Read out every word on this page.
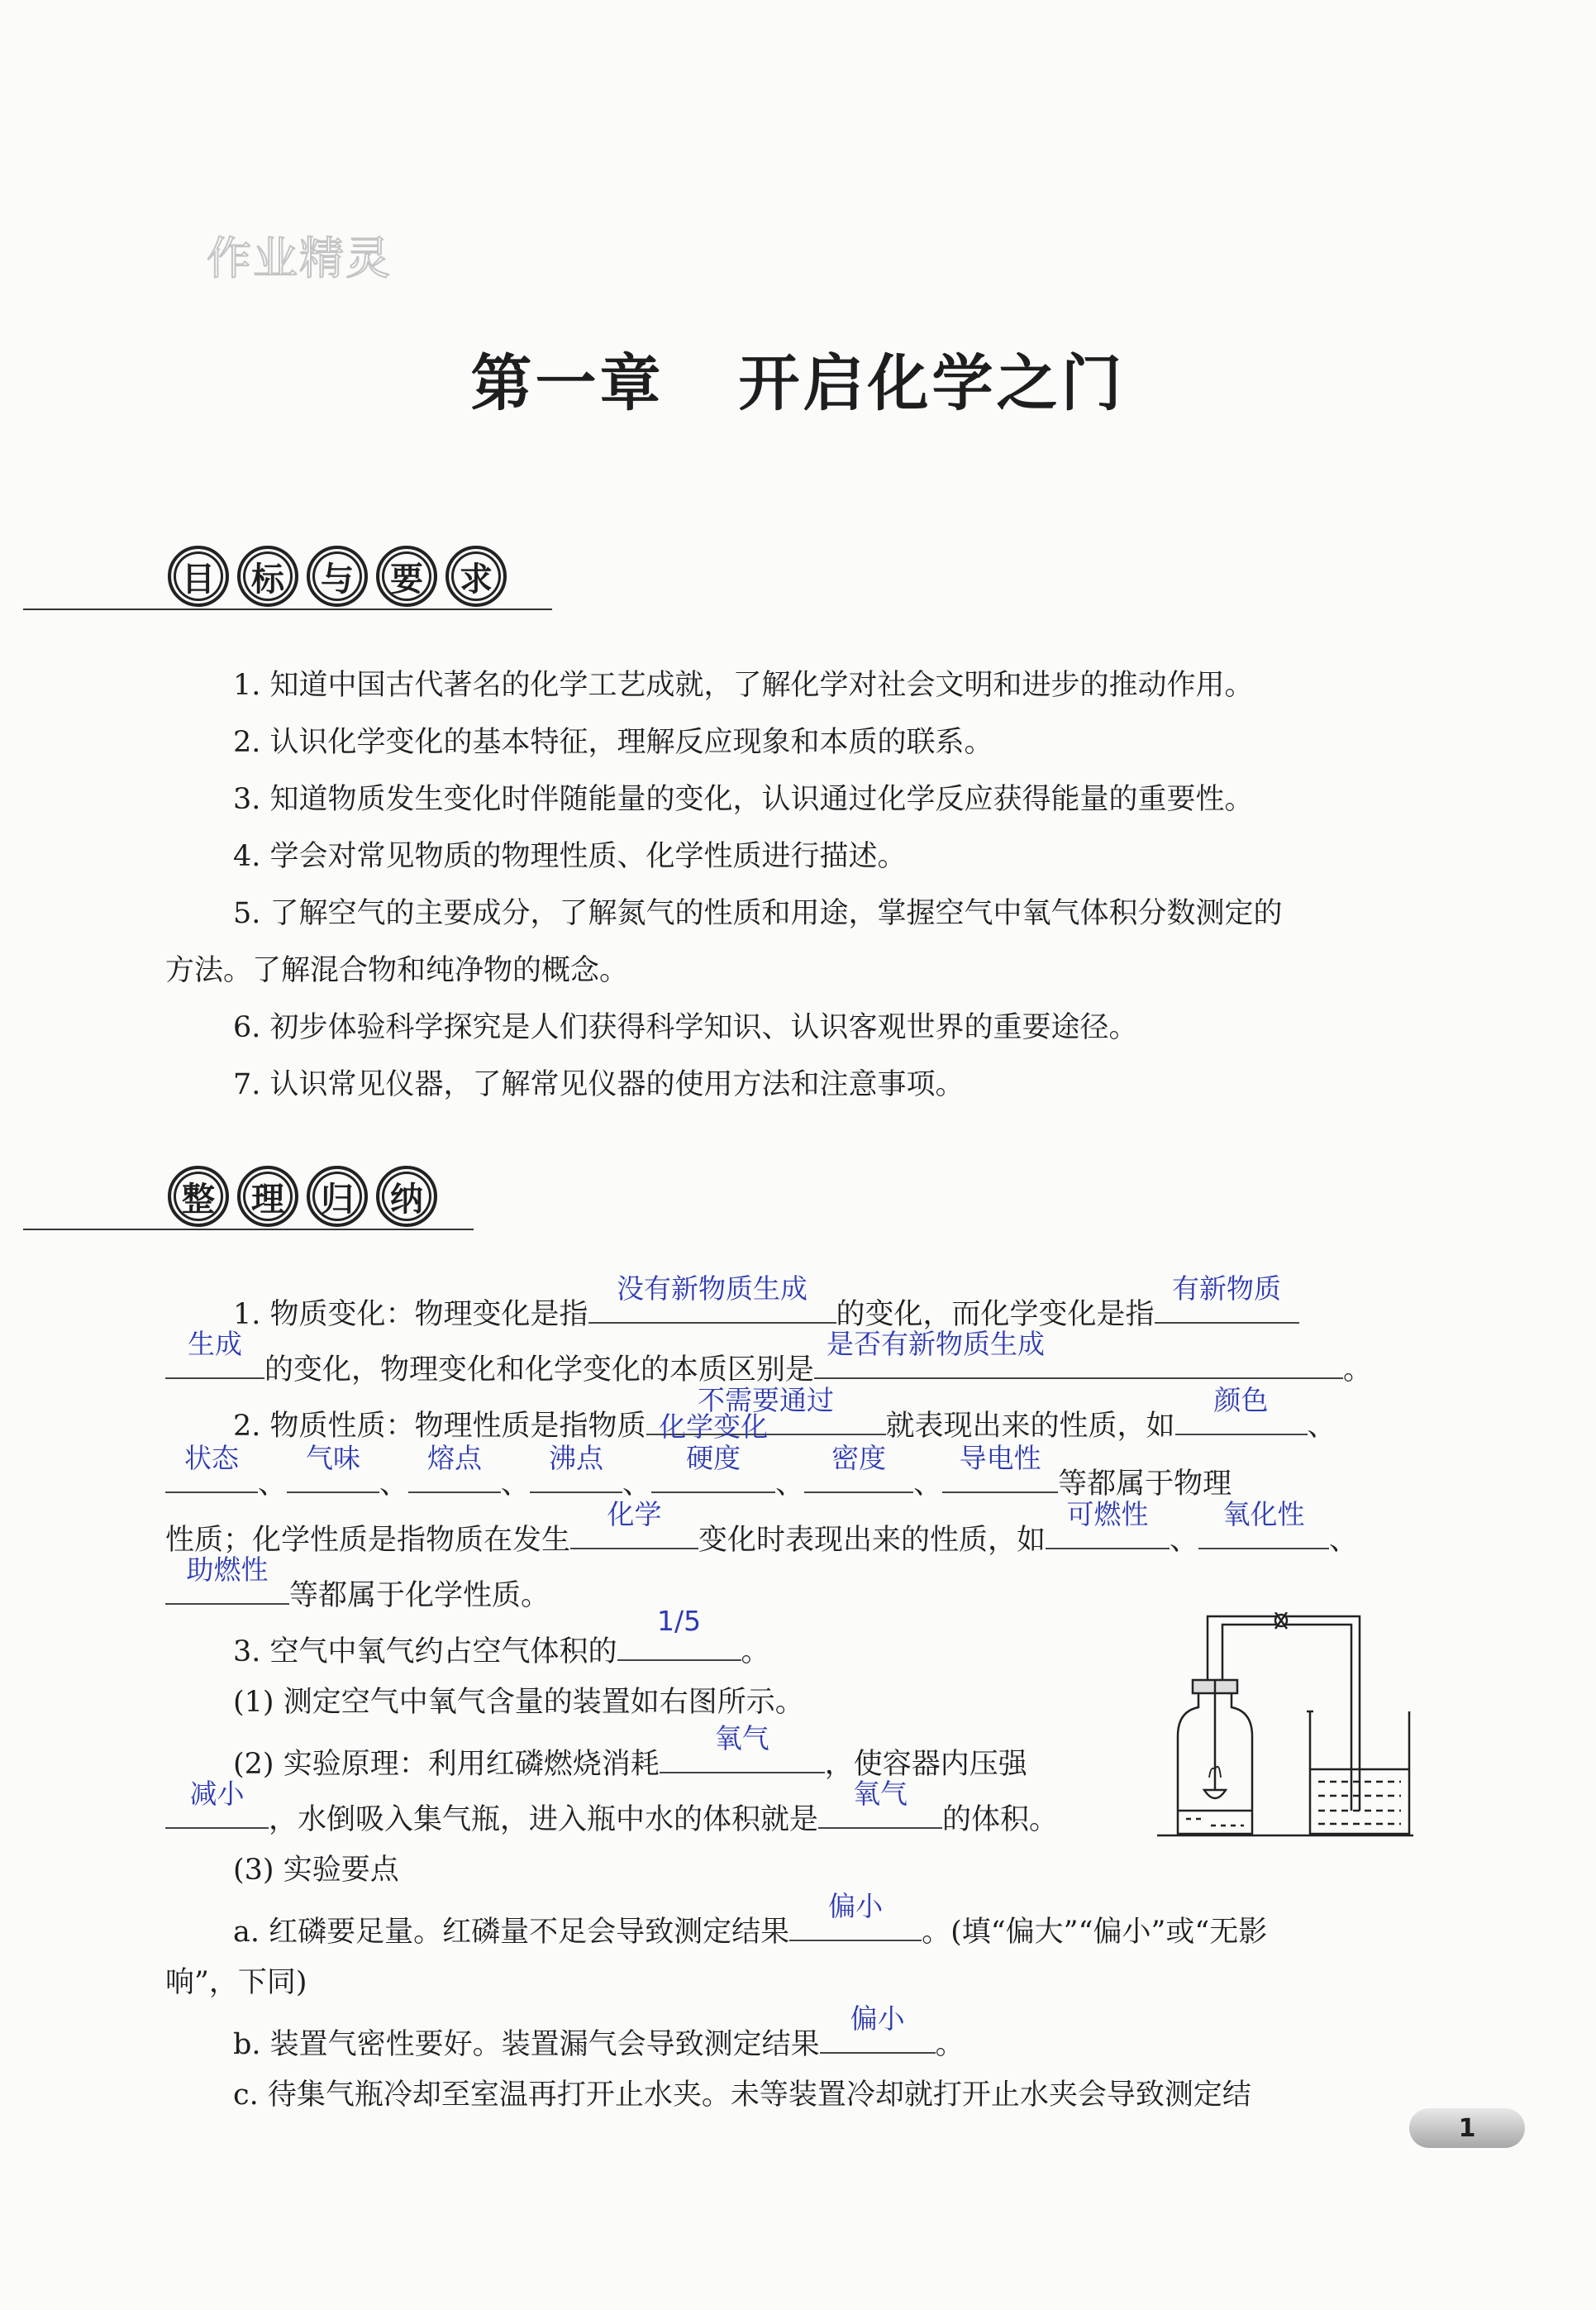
作业精灵
第一章 开启化学之门
目	标	与	要	求

1. 知道中国古代著名的化学工艺成就，了解化学对社会文明和进步的推动作用。

2. 认识化学变化的基本特征，理解反应现象和本质的联系。

3. 知道物质发生变化时伴随能量的变化，认识通过化学反应获得能量的重要性。

4. 学会对常见物质的物理性质、化学性质进行描述。

5. 了解空气的主要成分，了解氮气的性质和用途，掌握空气中氧气体积分数测定的

方法。了解混合物和纯净物的概念。

6. 初步体验科学探究是人们获得科学知识、认识客观世界的重要途径。

7. 认识常见仪器，了解常见仪器的使用方法和注意事项。

整	理	归	纳
1. 物质变化：物理变化是指
没有新物质生成
的变化，而化学变化是指
有新物质
生成
的变化，物理变化和化学变化的本质区别是
是否有新物质生成
。
2. 物质性质：物理性质是指物质
不需要通过
就表现出来的性质，如
颜色
、
状态
、
气味
、
熔点
、
沸点
、
化学变化
硬度
、
密度
、
导电性
等都属于物理
性质；化学性质是指物质在发生
化学
变化时表现出来的性质，如
可燃性
、
氧化性
、
助燃性
等都属于化学性质。
3. 空气中氧气约占空气体积的
1/5
。
(1) 测定空气中氧气含量的装置如右图所示。
(2) 实验原理：利用红磷燃烧消耗
氧气
，使容器内压强
减小
，水倒吸入集气瓶，进入瓶中水的体积就是
氧气
的体积。
(3) 实验要点
a. 红磷要足量。红磷量不足会导致测定结果
偏小
。(填“偏大”“偏小”或“无影
响”，下同)
b. 装置气密性要好。装置漏气会导致测定结果
偏小
。
c. 待集气瓶冷却至室温再打开止水夹。未等装置冷却就打开止水夹会导致测定结
1
